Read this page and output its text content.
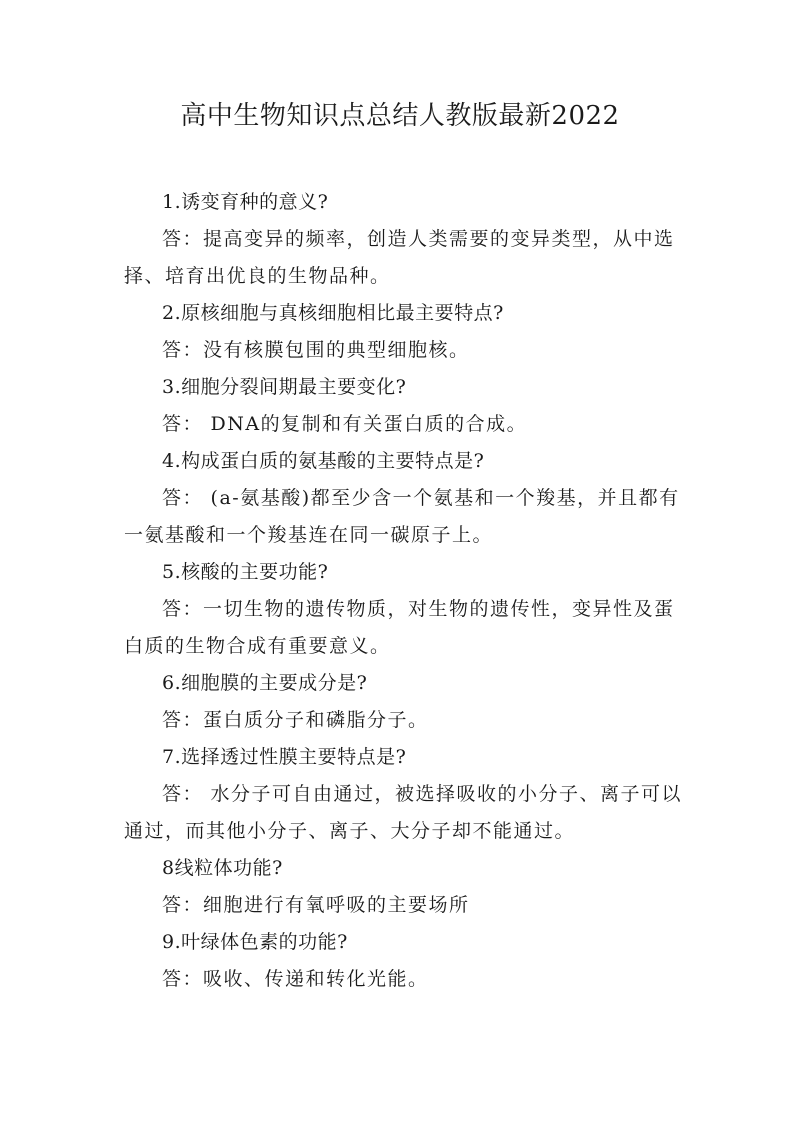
高中生物知识点总结人教版最新2022

1.诱变育种的意义?

答：提高变异的频率，创造人类需要的变异类型，从中选择、培育出优良的生物品种。

2.原核细胞与真核细胞相比最主要特点?

答：没有核膜包围的典型细胞核。

3.细胞分裂间期最主要变化?

答： DNA的复制和有关蛋白质的合成。

4.构成蛋白质的氨基酸的主要特点是?

答： (a-氨基酸)都至少含一个氨基和一个羧基，并且都有一氨基酸和一个羧基连在同一碳原子上。

5.核酸的主要功能?

答：一切生物的遗传物质，对生物的遗传性，变异性及蛋白质的生物合成有重要意义。

6.细胞膜的主要成分是?

答：蛋白质分子和磷脂分子。

7.选择透过性膜主要特点是?

答： 水分子可自由通过，被选择吸收的小分子、离子可以通过，而其他小分子、离子、大分子却不能通过。

8线粒体功能?

答：细胞进行有氧呼吸的主要场所

9.叶绿体色素的功能?

答：吸收、传递和转化光能。
